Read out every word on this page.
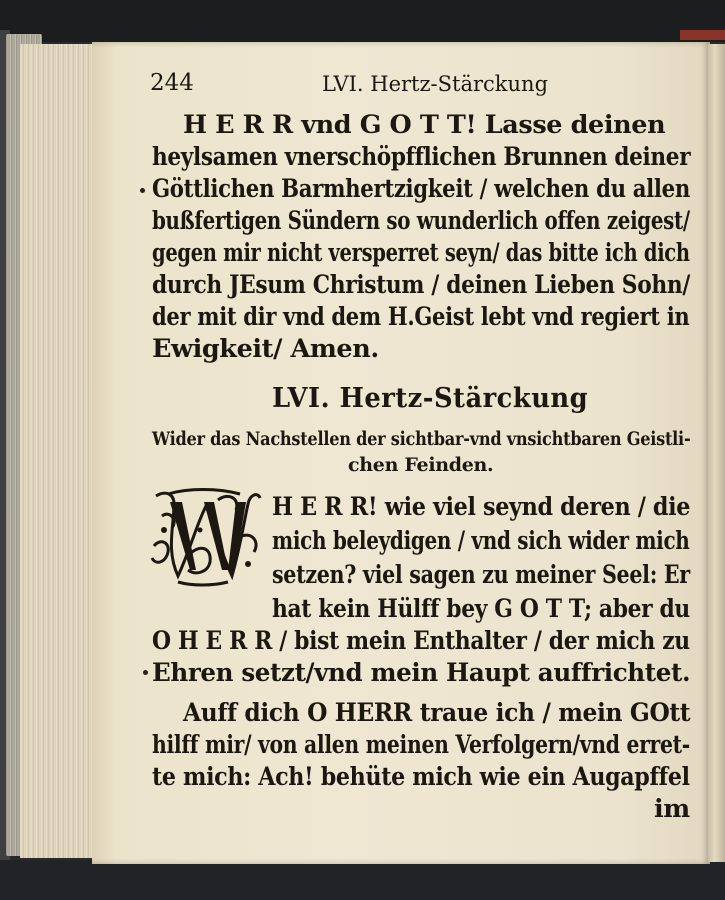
244	LVI. Hertz-Stärckung
H E R R vnd G O T T! Lasse deinen
heylsamen vnerschöpfflichen Brunnen deiner
Göttlichen Barmhertzigkeit / welchen du allen
bußfertigen Sündern so wunderlich offen zeigest/
gegen mir nicht versperret seyn/ das bitte ich dich
durch JEsum Christum / deinen Lieben Sohn/
der mit dir vnd dem H.Geist lebt vnd regiert in
Ewigkeit/ Amen.
LVI. Hertz-Stärckung
Wider das Nachstellen der sichtbar-vnd vnsichtbaren Geistli-
chen Feinden.
H E R R! wie viel seynd deren / die
mich beleydigen / vnd sich wider mich
setzen? viel sagen zu meiner Seel: Er
hat kein Hülff bey G O T T; aber du
O H E R R / bist mein Enthalter / der mich zu
Ehren setzt/vnd mein Haupt auffrichtet.
Auff dich O HERR traue ich / mein GOtt
hilff mir/ von allen meinen Verfolgern/vnd erret-
te mich: Ach! behüte mich wie ein Augapffel
im
